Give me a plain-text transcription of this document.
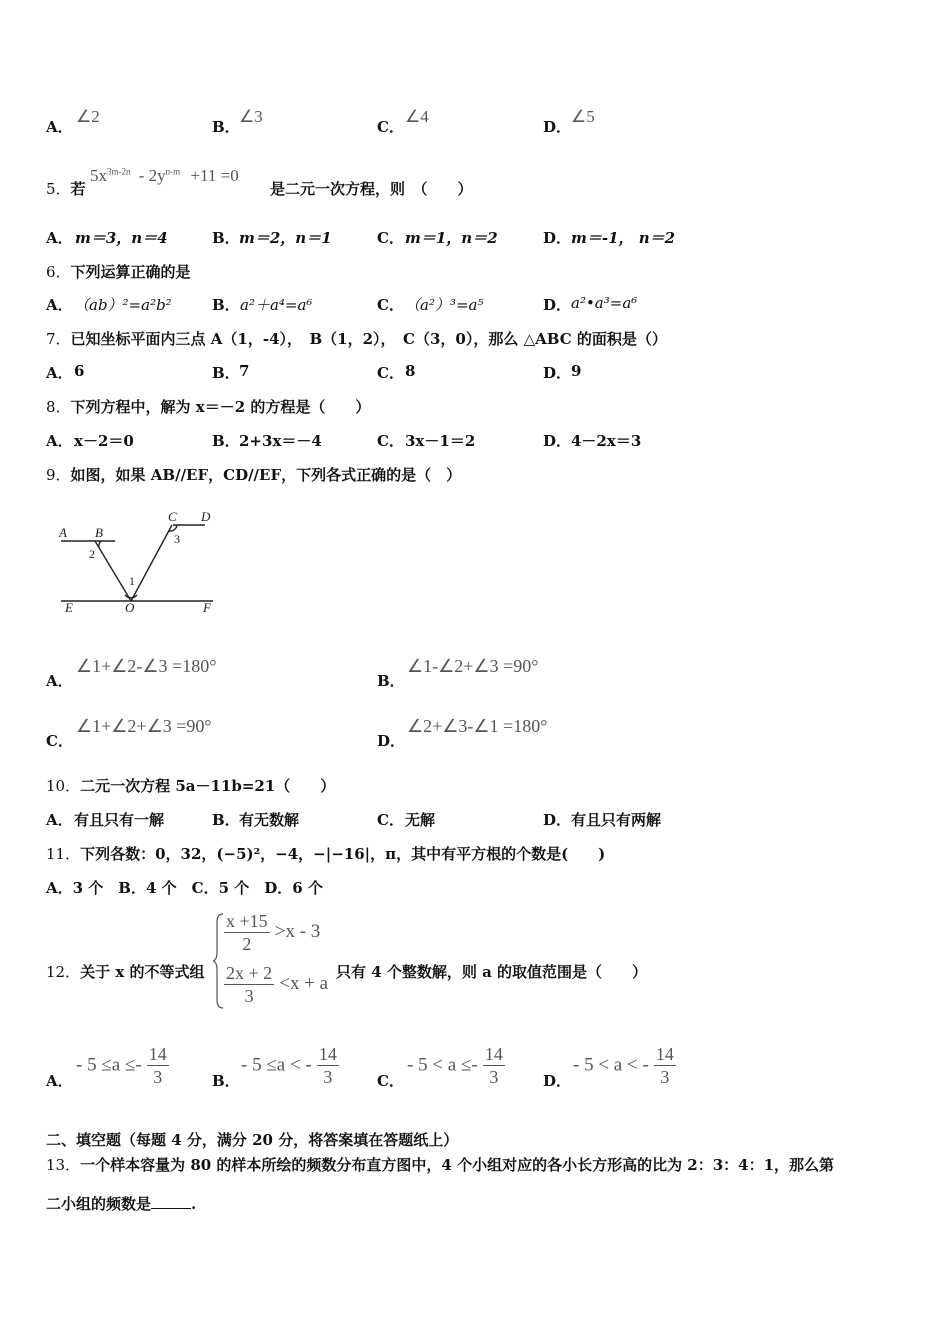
A．
∠2
B．
∠3
C．
∠4
D．
∠5
5．若
$5x^{3m-2n} - 2y^{n-m} +11 =0$
是二元一次方程，则　（　　）
A． m＝3，n＝4	B． m＝2，n＝1	C． m＝1，n＝2	D． m＝-1， n＝2
6．下列运算正确的是
A． （ab）²=a²b²	B． a²＋a⁴=a⁶	C． （a²）³=a⁵	D． a²•a³=a⁶
7．已知坐标平面内三点 A（1，-4），　B（1，2），　C（3，0），那么 △ABC 的面积是（）
A． 6	B． 7	C． 8	D． 9
8．下列方程中，解为 x＝－2 的方程是（　　）
A． x－2＝0	B． 2+3x＝－4	C． 3x－1＝2	D． 4－2x＝3
9．如图，如果 AB//EF，CD//EF，下列各式正确的是（　）
A B
C D
E	O	F
2
1
3
A．
∠1+∠2-∠3 =180°
B．
∠1-∠2+∠3 =90°
C．
∠1+∠2+∠3 =90°
D．
∠2+∠3-∠1 =180°
10．二元一次方程 5a－11b=21（　　）
A． 有且只有一解	B． 有无数解	C． 无解	D． 有且只有两解
11．下列各数：0，32，(−5)²，−4，−|−16|，π，其中有平方根的个数是(　　)
A．3 个　B．4 个　C．5 个　D．6 个
12．关于 x 的不等式组
$\frac{x +15}{2} >x - 3$
$\frac{2x + 2}{3} <x + a$
只有 4 个整数解，则 a 的取值范围是（　　）
A．
- $5 \le a \le- \frac{14}{3}$	B．
- 5 ≤a < - $\frac{14}{3}$	C．
- $5 < a \le- \frac{14}{3}$	D．
- 5 < a < - $\frac{14}{3}$
二、填空题（每题 4 分，满分 20 分，将答案填在答题纸上）
13．一个样本容量为 80 的样本所绘的频数分布直方图中，4 个小组对应的各小长方形高的比为 2：3：4：1，那么第
二小组的频数是	.
